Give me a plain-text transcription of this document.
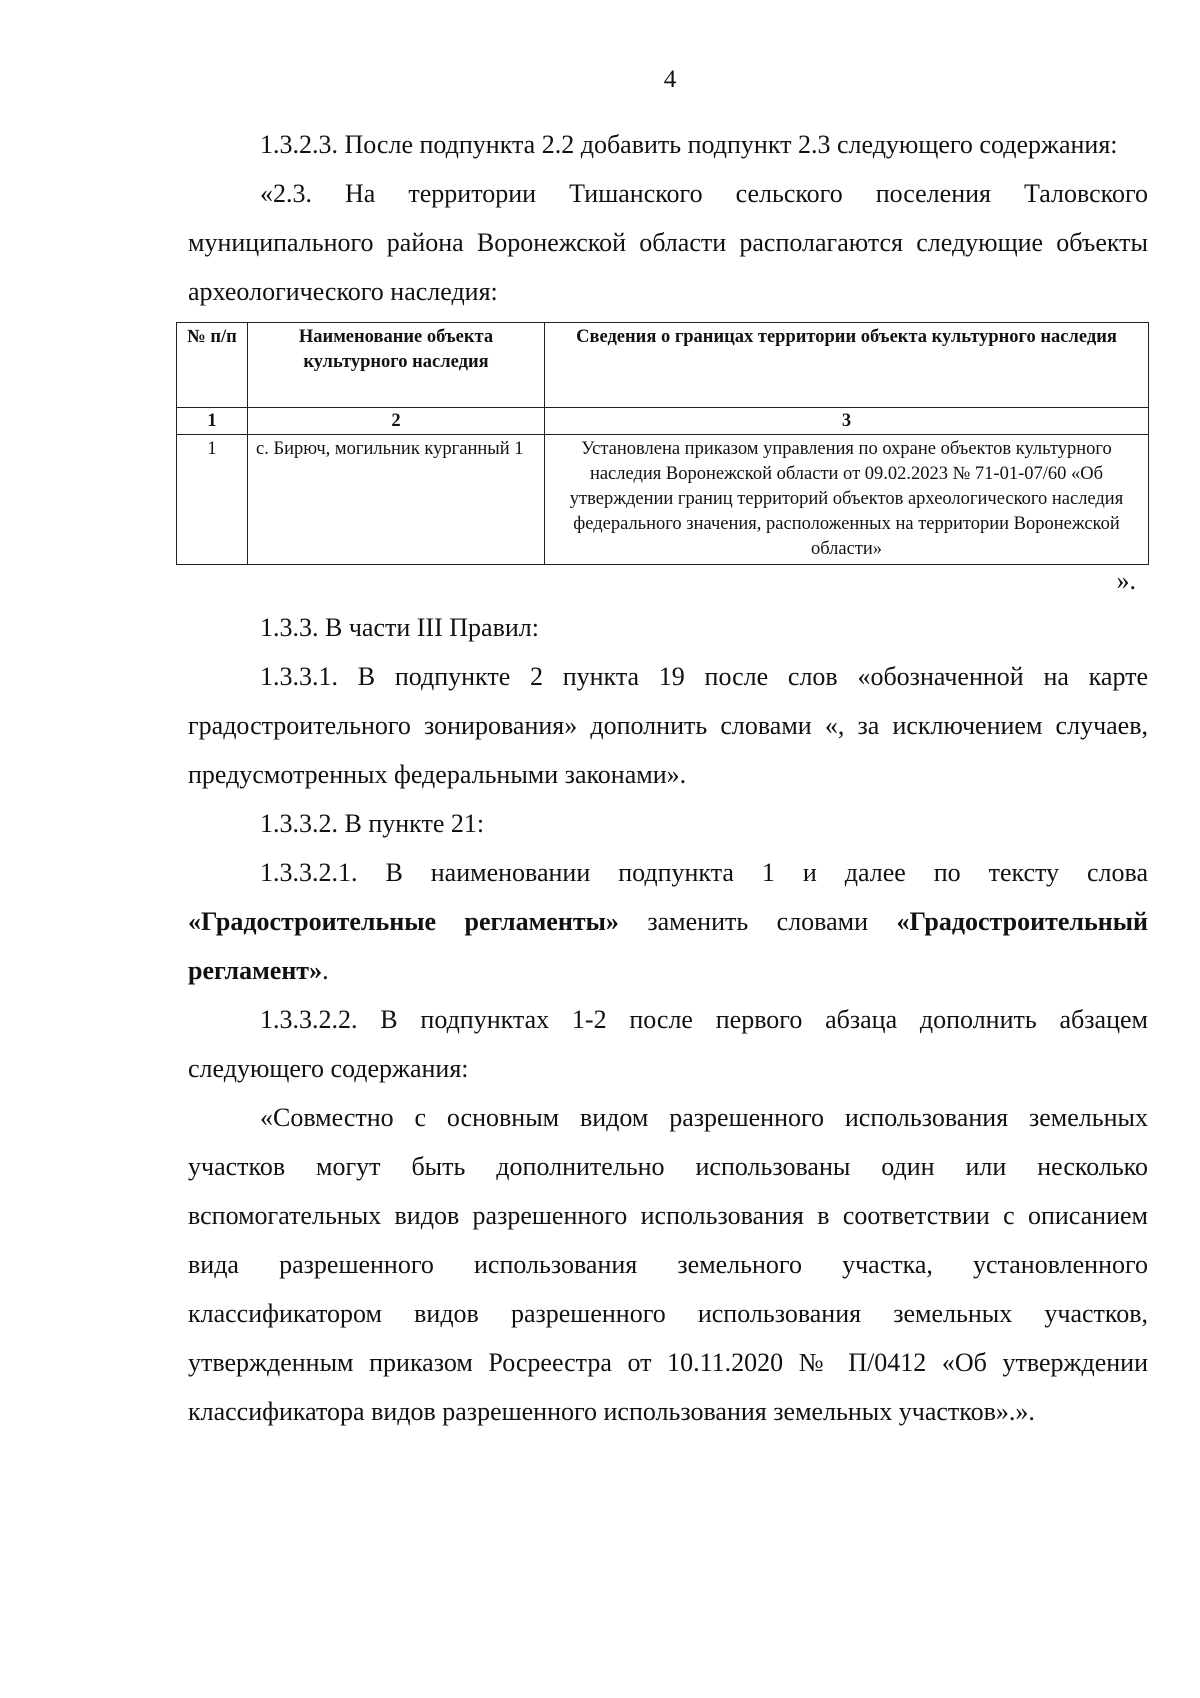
4

1.3.2.3. После подпункта 2.2 добавить подпункт 2.3 следующего содержания:

«2.3. На территории Тишанского сельского поселения Таловского муниципального района Воронежской области располагаются следующие объекты археологического наследия:

№ п/п	Наименование объекта культурного наследия	Сведения о границах территории объекта культурного наследия
1	2	3
1	с. Бирюч, могильник курганный 1	Установлена приказом управления по охране объектов культурного наследия Воронежской области от 09.02.2023 № 71-01-07/60 «Об утверждении границ территорий объектов археологического наследия федерального значения, расположенных на территории Воронежской области»

».

1.3.3. В части III Правил:

1.3.3.1. В подпункте 2 пункта 19 после слов «обозначенной на карте градостроительного зонирования» дополнить словами «, за исключением случаев, предусмотренных федеральными законами».

1.3.3.2. В пункте 21:

1.3.3.2.1. В наименовании подпункта 1 и далее по тексту слова «Градостроительные регламенты» заменить словами «Градостроительный регламент».

1.3.3.2.2. В подпунктах 1-2 после первого абзаца дополнить абзацем следующего содержания:

«Совместно с основным видом разрешенного использования земельных участков могут быть дополнительно использованы один или несколько вспомогательных видов разрешенного использования в соответствии с описанием вида разрешенного использования земельного участка, установленного классификатором видов разрешенного использования земельных участков, утвержденным приказом Росреестра от 10.11.2020 № П/0412 «Об утверждении классификатора видов разрешенного использования земельных участков».».
